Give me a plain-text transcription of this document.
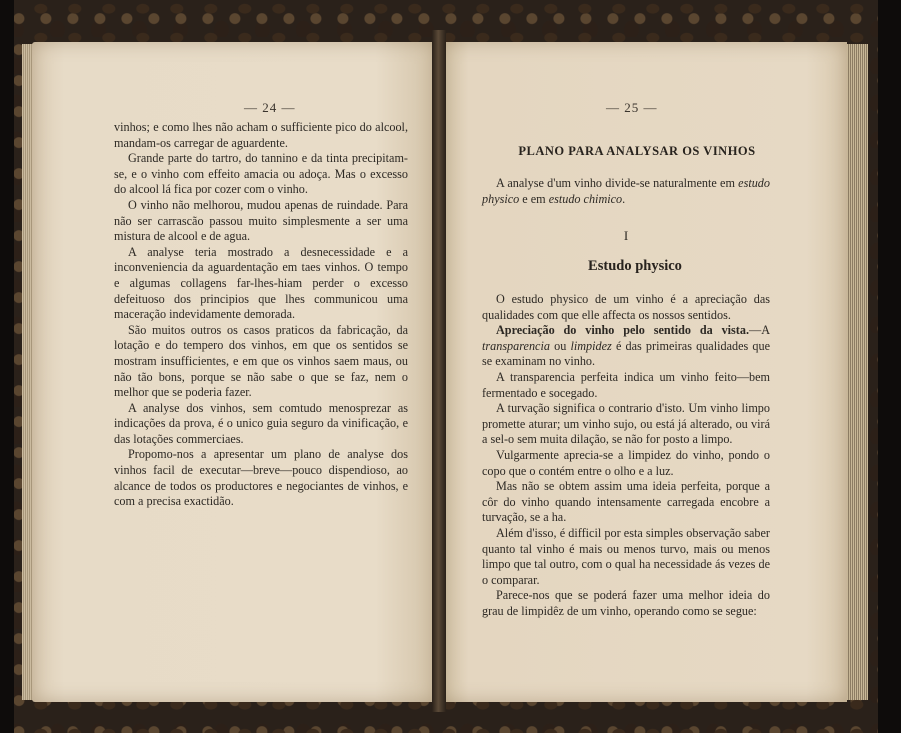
— 24 —

vinhos; e como lhes não acham o sufficiente pico do alcool, mandam-os carregar de aguardente.

Grande parte do tartro, do tannino e da tinta precipitam-se, e o vinho com effeito amacia ou adoça. Mas o excesso do alcool lá fica por cozer com o vinho.

O vinho não melhorou, mudou apenas de ruindade. Para não ser carrascão passou muito simplesmente a ser uma mistura de alcool e de agua.

A analyse teria mostrado a desnecessidade e a inconveniencia da aguardentação em taes vinhos. O tempo e algumas collagens far-lhes-hiam perder o excesso defeituoso dos principios que lhes communicou uma maceração indevidamente demorada.

São muitos outros os casos praticos da fabricação, da lotação e do tempero dos vinhos, em que os sentidos se mostram insufficientes, e em que os vinhos saem maus, ou não tão bons, porque se não sabe o que se faz, nem o melhor que se poderia fazer.

A analyse dos vinhos, sem comtudo menosprezar as indicações da prova, é o unico guia seguro da vinificação, e das lotações commerciaes.

Propomo-nos a apresentar um plano de analyse dos vinhos facil de executar—breve—pouco dispendioso, ao alcance de todos os productores e negociantes de vinhos, e com a precisa exactidão.

— 25 —
PLANO PARA ANALYSAR OS VINHOS

A analyse d'um vinho divide-se naturalmente em estudo physico e em estudo chimico.

I
Estudo physico

O estudo physico de um vinho é a apreciação das qualidades com que elle affecta os nossos sentidos.

Apreciação do vinho pelo sentido da vista.—A transparencia ou limpidez é das primeiras qualidades que se examinam no vinho.

A transparencia perfeita indica um vinho feito—bem fermentado e socegado.

A turvação significa o contrario d'isto. Um vinho limpo promette aturar; um vinho sujo, ou está já alterado, ou virá a sel-o sem muita dilação, se não for posto a limpo.

Vulgarmente aprecia-se a limpidez do vinho, pondo o copo que o contém entre o olho e a luz.

Mas não se obtem assim uma ideia perfeita, porque a côr do vinho quando intensamente carregada encobre a turvação, se a ha.

Além d'isso, é difficil por esta simples observação saber quanto tal vinho é mais ou menos turvo, mais ou menos limpo que tal outro, com o qual ha necessidade ás vezes de o comparar.

Parece-nos que se poderá fazer uma melhor ideia do grau de limpidêz de um vinho, operando como se segue:
